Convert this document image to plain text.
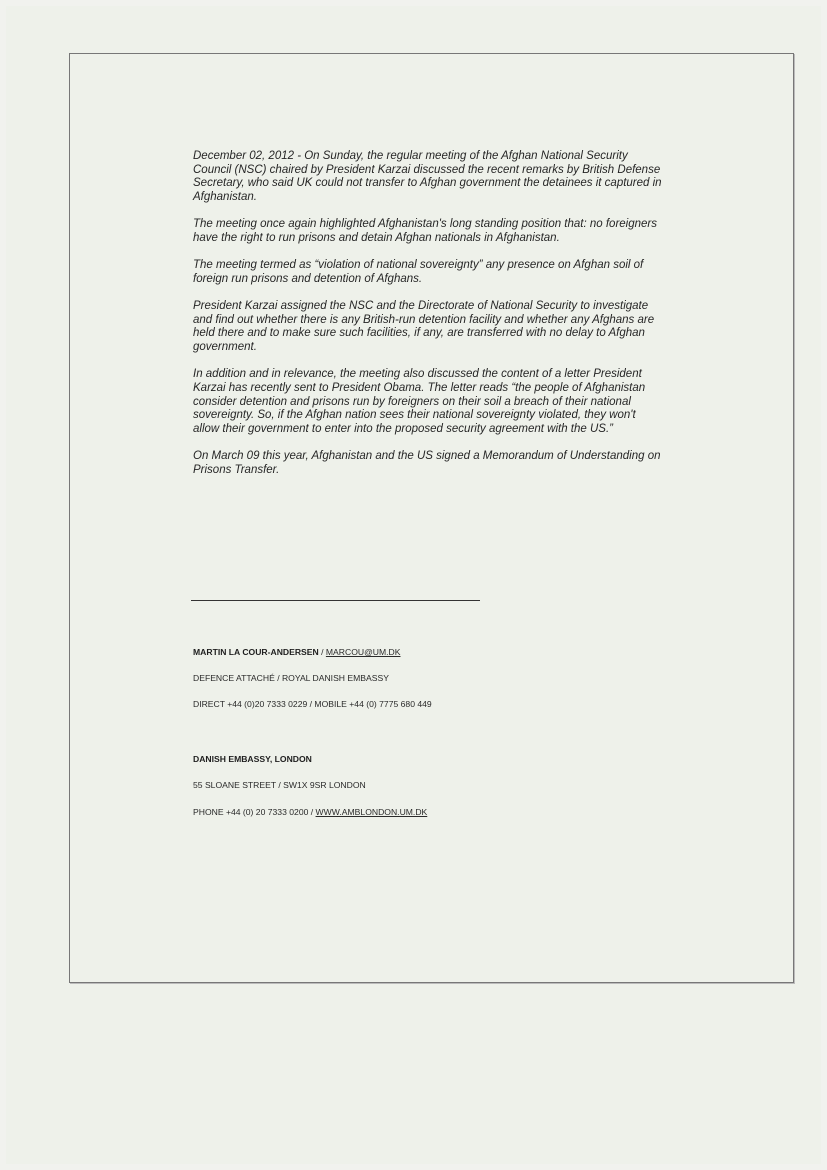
December 02, 2012 - On Sunday, the regular meeting of the Afghan National Security Council (NSC) chaired by President Karzai discussed the recent remarks by British Defense Secretary, who said UK could not transfer to Afghan government the detainees it captured in Afghanistan.

The meeting once again highlighted Afghanistan's long standing position that: no foreigners have the right to run prisons and detain Afghan nationals in Afghanistan.

The meeting termed as “violation of national sovereignty” any presence on Afghan soil of foreign run prisons and detention of Afghans.

President Karzai assigned the NSC and the Directorate of National Security to investigate and find out whether there is any British-run detention facility and whether any Afghans are held there and to make sure such facilities, if any, are transferred with no delay to Afghan government.

In addition and in relevance, the meeting also discussed the content of a letter President Karzai has recently sent to President Obama. The letter reads “the people of Afghanistan consider detention and prisons run by foreigners on their soil a breach of their national sovereignty. So, if the Afghan nation sees their national sovereignty violated, they won't allow their government to enter into the proposed security agreement with the US.”

On March 09 this year, Afghanistan and the US signed a Memorandum of Understanding on Prisons Transfer.

MARTIN LA COUR-ANDERSEN / MARCOU@UM.DK
DEFENCE ATTACHÉ / ROYAL DANISH EMBASSY
DIRECT +44 (0)20 7333 0229 / MOBILE +44 (0) 7775 680 449
DANISH EMBASSY, LONDON
55 SLOANE STREET / SW1X 9SR LONDON
PHONE +44 (0) 20 7333 0200 / WWW.AMBLONDON.UM.DK
